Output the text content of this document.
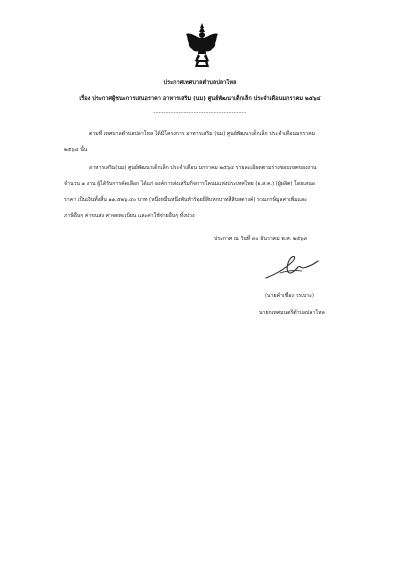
ประกาศเทศบาลตำบลปลาโหล
เรื่อง ประกาศผู้ชนะการเสนอราคา อาหารเสริม (นม) ศูนย์พัฒนาเด็กเล็ก ประจำเดือนมกราคม ๒๕๖๔
-------------------------------------
ตามที่ เทศบาลตำบลปลาโหล ได้มีโครงการ อาหารเสริม (นม) ศูนย์พัฒนาเด็กเล็ก ประจำเดือนมกราคม
๒๕๖๔ นั้น
อาหารเสริม(นม) ศูนย์พัฒนาเด็กเล็ก ประจำเดือน มกราคม ๒๕๖๔ รายละเอียดตามร่างขอบเขตของงาน
จำนวน ๑ งาน ผู้ได้รับการคัดเลือก ได้แก่ องค์การส่งเสริมกิจการโคนมแห่งประเทศไทย (อ.ส.ค.) (ผู้ผลิต) โดยเสนอ
ราคา เป็นเงินทั้งสิ้น ๑๑,๕๒๖.๔๐ บาท (หนึ่งหมื่นหนึ่งพันห้าร้อยยี่สิบหกบาทสี่สิบสตางค์) รวมภาษีมูลค่าเพิ่มและ
ภาษีอื่นๆ ค่าขนส่ง ค่าจดทะเบียน และค่าใช้จ่ายอื่นๆ ทั้งปวง
ประกาศ ณ วันที่ ๓๐ ธันวาคม พ.ศ. ๒๕๖๓
(นายคำเชื่อง วรเบาะ)
นายกเทศมนตรีตำบลปลาโหล
